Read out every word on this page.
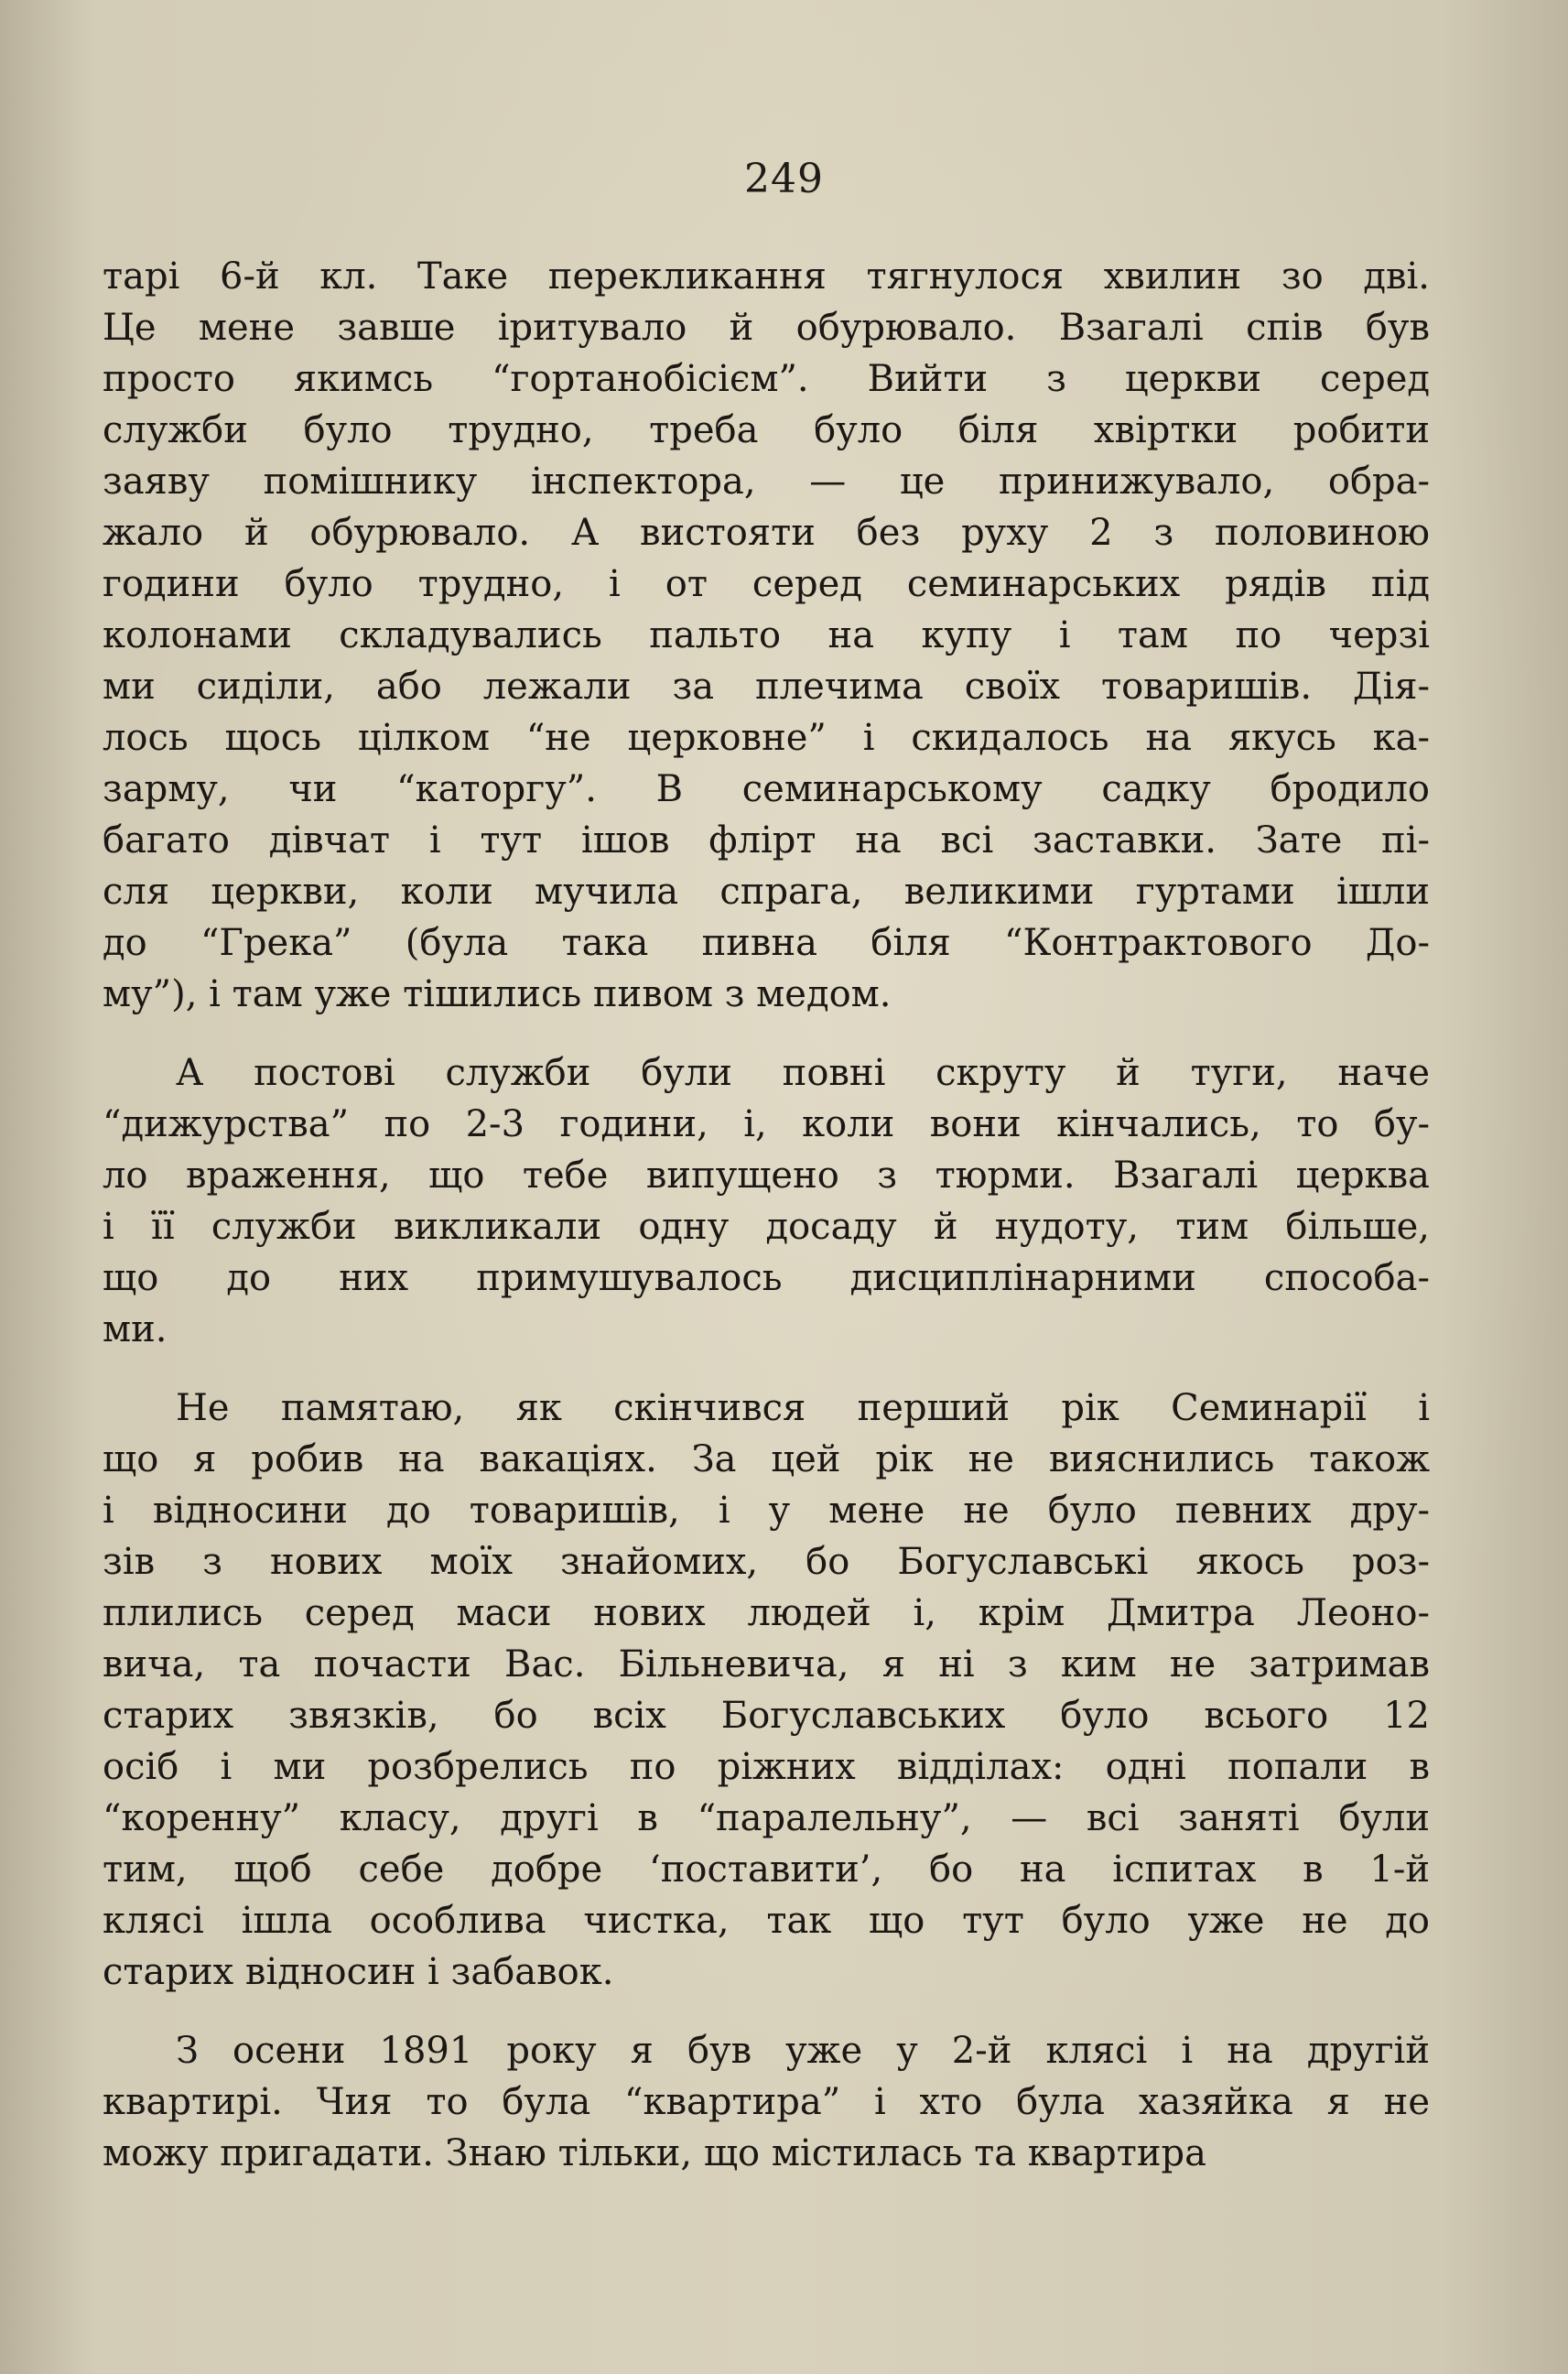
249
тарі 6-й кл. Таке перекликання тягнулося хвилин зо дві.
Це мене завше іритувало й обурювало. Взагалі спів був
просто якимсь “гортанобісієм”. Вийти з церкви серед
служби було трудно, треба було біля хвіртки робити
заяву помішнику інспектора, — це принижувало, обра-
жало й обурювало. А вистояти без руху 2 з половиною
години було трудно, і от серед семинарських рядів під
колонами складувались пальто на купу і там по черзі
ми сиділи, або лежали за плечима своїх товаришів. Дія-
лось щось цілком “не церковне” і скидалось на якусь ка-
зарму, чи “каторгу”. В семинарському садку бродило
багато дівчат і тут ішов флірт на всі заставки. Зате пі-
сля церкви, коли мучила спрага, великими гуртами ішли
до “Грека” (була така пивна біля “Контрактового До-
му”), і там уже тішились пивом з медом.
А постові служби були повні скруту й туги, наче
“дижурства” по 2-3 години, і, коли вони кінчались, то бу-
ло враження, що тебе випущено з тюрми. Взагалі церква
і її служби викликали одну досаду й нудоту, тим більше,
що до них примушувалось дисциплінарними способа-
ми.
Не памятаю, як скінчився перший рік Семинарії і
що я робив на вакаціях. За цей рік не вияснились також
і відносини до товаришів, і у мене не було певних дру-
зів з нових моїх знайомих, бо Богуславські якось роз-
плились серед маси нових людей і, крім Дмитра Леоно-
вича, та почасти Вас. Більневича, я ні з ким не затримав
старих звязків, бо всіх Богуславських було всього 12
осіб і ми розбрелись по ріжних віддiлах: одні попали в
“коренну” класу, другі в “паралельну”, — всі заняті були
тим, щоб себе добре ‘поставити’, бо на іспитах в 1-й
клясі ішла особлива чистка, так що тут було уже не до
старих відносин і забавок.
З осени 1891 року я був уже у 2-й клясі і на другій
квартирі. Чия то була “квартира” і хто була хазяйка я не
можу пригадати. Знаю тільки, що містилась та квартира
